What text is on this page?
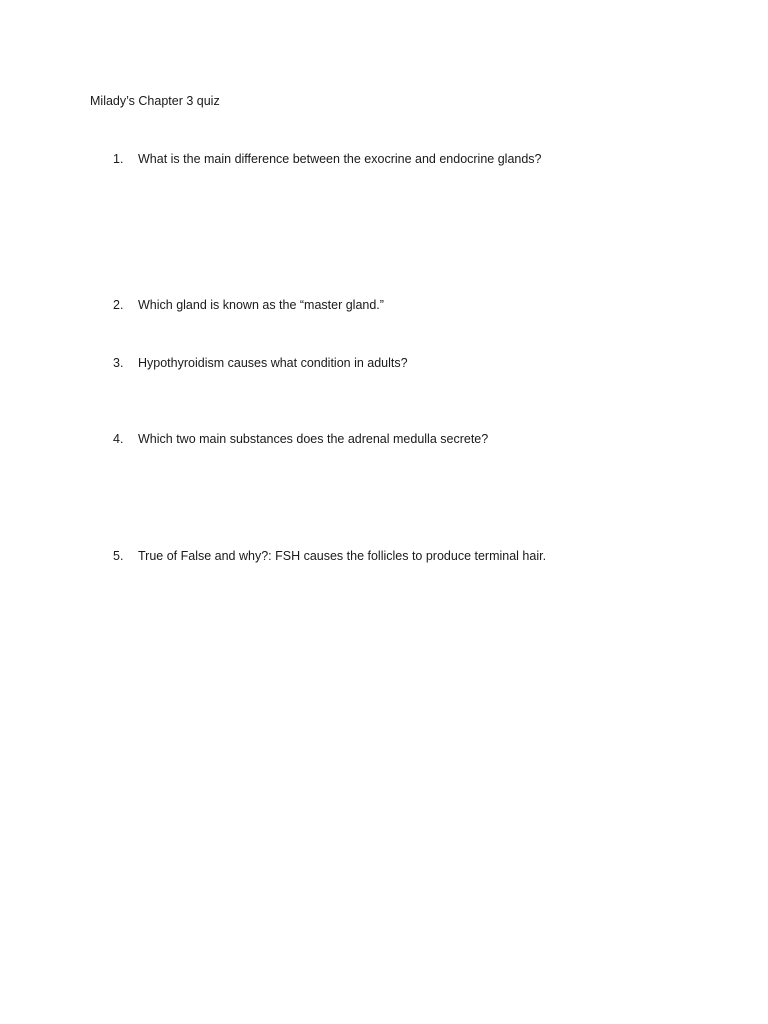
Milady’s Chapter 3 quiz
1. What is the main difference between the exocrine and endocrine glands?
2. Which gland is known as the “master gland.”
3. Hypothyroidism causes what condition in adults?
4. Which two main substances does the adrenal medulla secrete?
5. True of False and why?: FSH causes the follicles to produce terminal hair.
